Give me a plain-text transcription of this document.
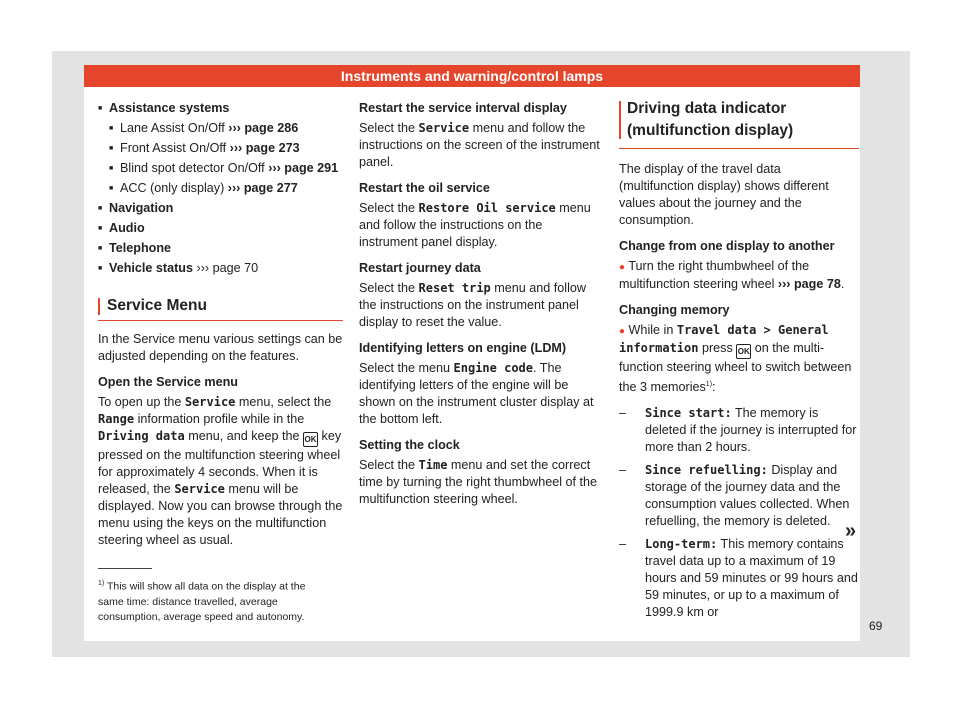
Instruments and warning/control lamps
■ Assistance systems
■ Lane Assist On/Off ››› page 286
■ Front Assist On/Off ››› page 273
■ Blind spot detector On/Off ››› page 291
■ ACC (only display) ››› page 277
■ Navigation
■ Audio
■ Telephone
■ Vehicle status ››› page 70
Service Menu

In the Service menu various settings can be adjusted depending on the features.

Open the Service menu

To open up the Service menu, select the Range information profile while in the Driving data menu, and keep the OK key pressed on the multifunction steering wheel for approximately 4 seconds. When it is released, the Service menu will be displayed. Now you can browse through the menu using the keys on the multifunction steering wheel as usual.

$^{1)}$ This will show all data on the display at the same time: distance travelled, average consumption, average speed and autonomy.

Restart the service interval display

Select the Service menu and follow the instructions on the screen of the instrument panel.

Restart the oil service

Select the Restore Oil service menu and follow the instructions on the instrument panel display.

Restart journey data

Select the Reset trip menu and follow the instructions on the instrument panel display to reset the value.

Identifying letters on engine (LDM)

Select the menu Engine code. The identifying letters of the engine will be shown on the instrument cluster display at the bottom left.

Setting the clock

Select the Time menu and set the correct time by turning the right thumbwheel of the multifunction steering wheel.

Driving data indicator (multifunction display)

The display of the travel data (multifunction display) shows different values about the journey and the consumption.

Change from one display to another

● Turn the right thumbwheel of the multifunction steering wheel ››› page 78.

Changing memory

● While in Travel data > General information press OK on the multi-function steering wheel to switch between the 3 memories$^{1)}$:

– Since start: The memory is deleted if the journey is interrupted for more than 2 hours.
– Since refuelling: Display and storage of the journey data and the consumption values collected. When refuelling, the memory is deleted.
– Long-term: This memory contains travel data up to a maximum of 19 hours and 59 minutes or 99 hours and 59 minutes, or up to a maximum of 1999.9 km or
»
69
